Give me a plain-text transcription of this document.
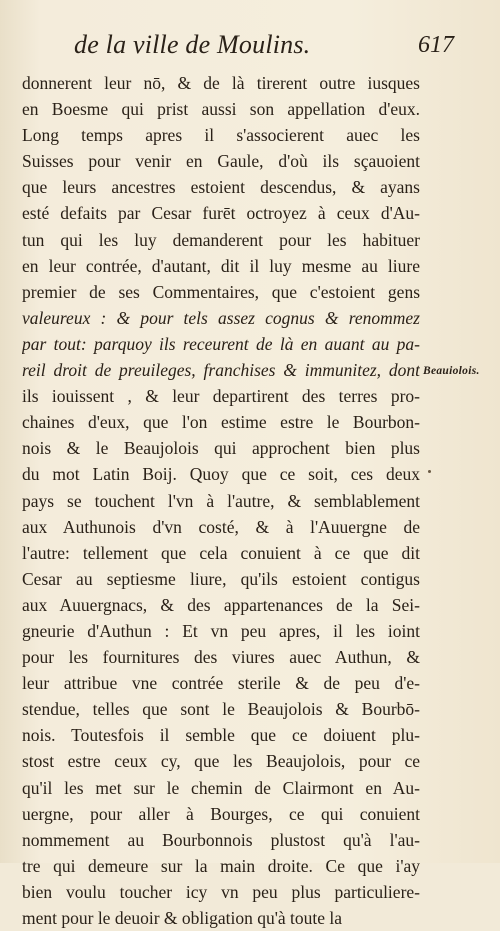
de la ville de Moulins.	617
donnerent leur nō, & de là tirerent outre iusques
en Boesme qui prist aussi son appellation d'eux.
Long temps apres il s'associerent auec les
Suisses pour venir en Gaule, d'où ils sçauoient
que leurs ancestres estoient descendus, & ayans
esté defaits par Cesar furēt octroyez à ceux d'Au-
tun qui les luy demanderent pour les habituer
en leur contrée, d'autant, dit il luy mesme au liure
premier de ses Commentaires, que c'estoient gens
valeureux : & pour tels assez cognus & renommez
par tout: parquoy ils receurent de là en auant au pa-
reil droit de preuileges, franchises & immunitez, dont
ils iouissent , & leur departirent des terres pro-
chaines d'eux, que l'on estime estre le Bourbon-
nois & le Beaujolois qui approchent bien plus
du mot Latin Boij. Quoy que ce soit, ces deux
pays se touchent l'vn à l'autre, & semblablement
aux Authunois d'vn costé, & à l'Auuergne de
l'autre: tellement que cela conuient à ce que dit
Cesar au septiesme liure, qu'ils estoient contigus
aux Auuergnacs, & des appartenances de la Sei-
gneurie d'Authun : Et vn peu apres, il les ioint
pour les fournitures des viures auec Authun, &
leur attribue vne contrée sterile & de peu d'e-
stendue, telles que sont le Beaujolois & Bourbō-
nois. Toutesfois il semble que ce doiuent plu-
stost estre ceux cy, que les Beaujolois, pour ce
qu'il les met sur le chemin de Clairmont en Au-
uergne, pour aller à Bourges, ce qui conuient
nommement au Bourbonnois plustost qu'à l'au-
tre qui demeure sur la main droite. Ce que i'ay
bien voulu toucher icy vn peu plus particuliere-
ment pour le deuoir & obligation qu'à toute la
Beauiolois.
